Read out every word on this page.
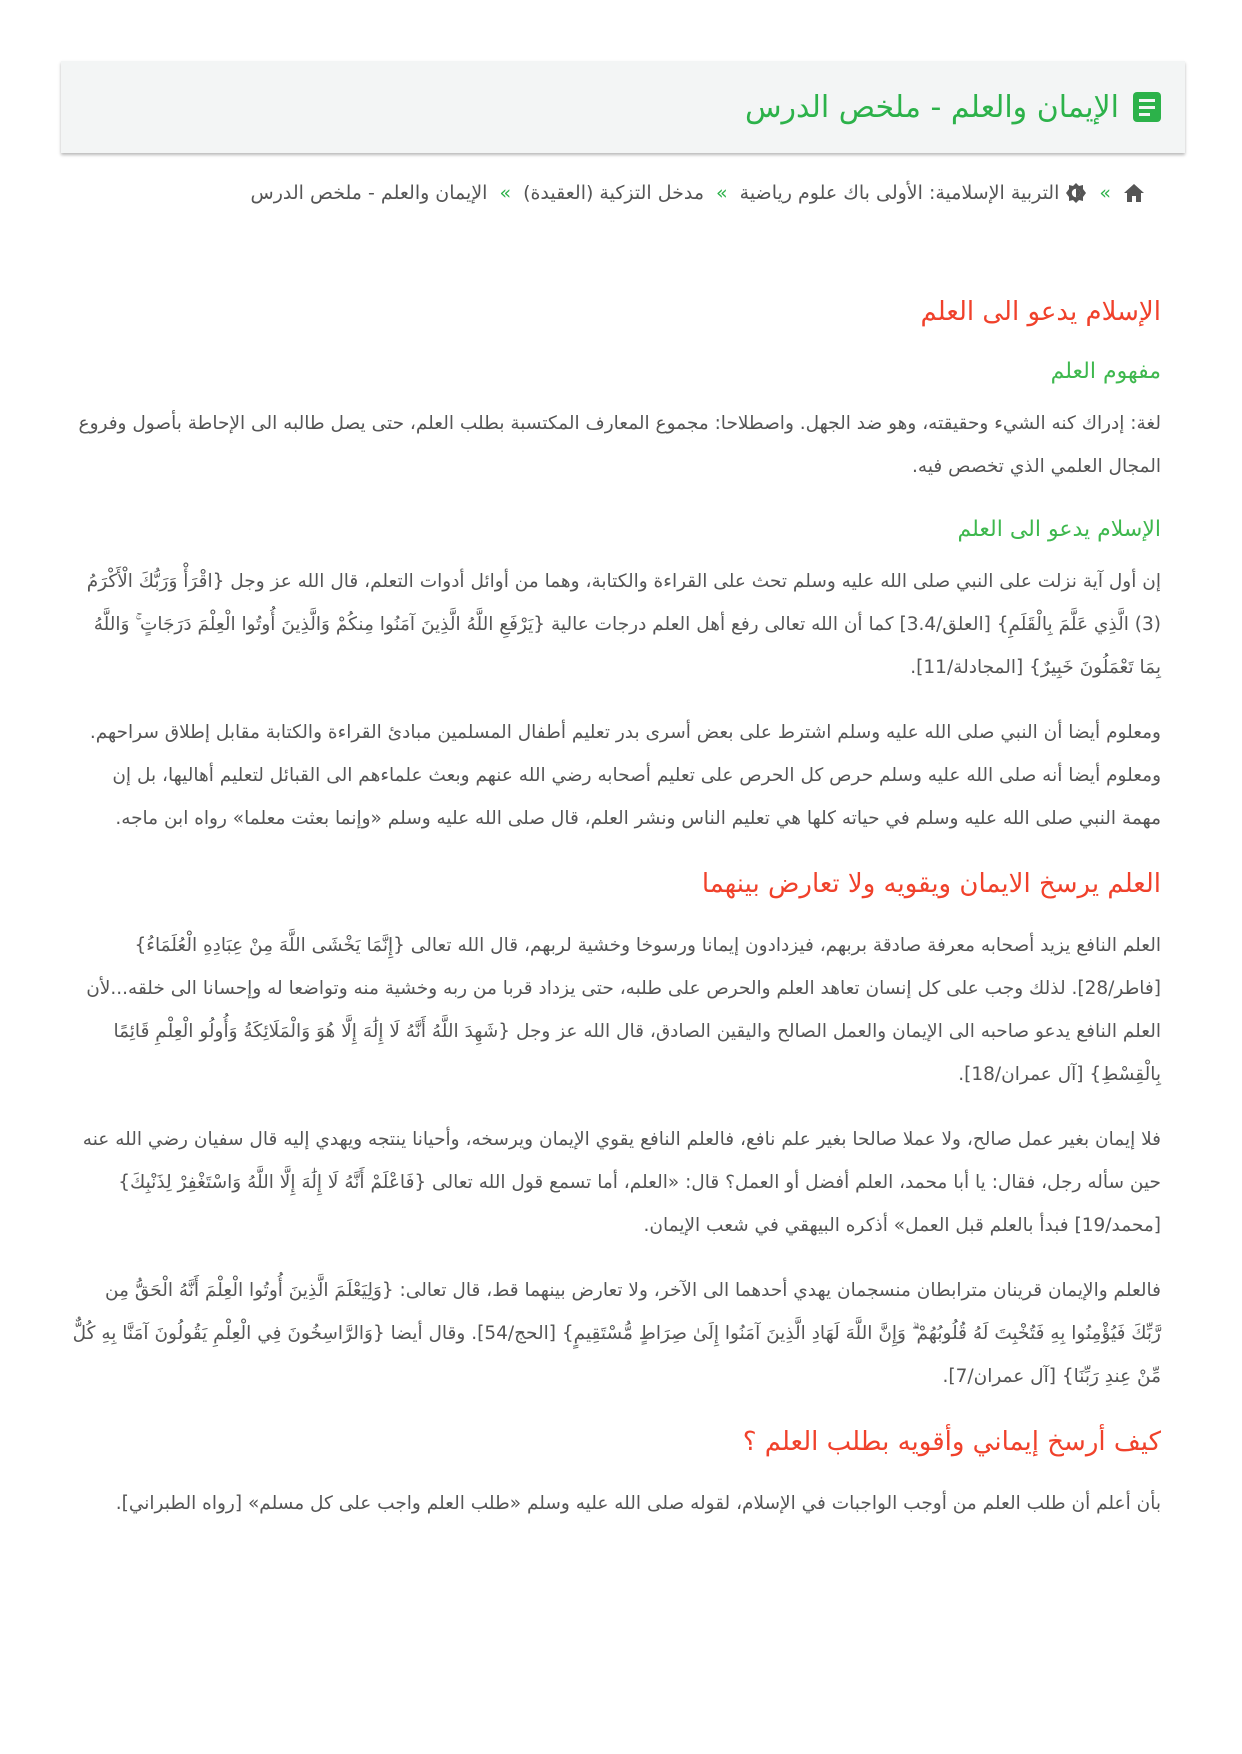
الإيمان والعلم - ملخص الدرس
»
التربية الإسلامية: الأولى باك علوم رياضية
»
مدخل التزكية (العقيدة)
»
الإيمان والعلم - ملخص الدرس
الإسلام يدعو الى العلم
مفهوم العلم

لغة: إدراك كنه الشيء وحقيقته، وهو ضد الجهل. واصطلاحا: مجموع المعارف المكتسبة بطلب العلم، حتى يصل طالبه الى الإحاطة بأصول وفروع المجال العلمي الذي تخصص فيه.

الإسلام يدعو الى العلم

إن أول آية نزلت على النبي صلى الله عليه وسلم تحث على القراءة والكتابة، وهما من أوائل أدوات التعلم، قال الله عز وجل {اقْرَأْ وَرَبُّكَ الْأَكْرَمُ (3) الَّذِي عَلَّمَ بِالْقَلَمِ} [العلق/3.4] كما أن الله تعالى رفع أهل العلم درجات عالية {يَرْفَعِ اللَّهُ الَّذِينَ آمَنُوا مِنكُمْ وَالَّذِينَ أُوتُوا الْعِلْمَ دَرَجَاتٍ ۚ وَاللَّهُ بِمَا تَعْمَلُونَ خَبِيرٌ} [المجادلة/11].

ومعلوم أيضا أن النبي صلى الله عليه وسلم اشترط على بعض أسرى بدر تعليم أطفال المسلمين مبادئ القراءة والكتابة مقابل إطلاق سراحهم. ومعلوم أيضا أنه صلى الله عليه وسلم حرص كل الحرص على تعليم أصحابه رضي الله عنهم وبعث علماءهم الى القبائل لتعليم أهاليها، بل إن مهمة النبي صلى الله عليه وسلم في حياته كلها هي تعليم الناس ونشر العلم، قال صلى الله عليه وسلم «وإنما بعثت معلما» رواه ابن ماجه.

العلم يرسخ الايمان ويقويه ولا تعارض بينهما

العلم النافع يزيد أصحابه معرفة صادقة بربهم، فيزدادون إيمانا ورسوخا وخشية لربهم، قال الله تعالى {إِنَّمَا يَخْشَى اللَّهَ مِنْ عِبَادِهِ الْعُلَمَاءُ} [فاطر/28]. لذلك وجب على كل إنسان تعاهد العلم والحرص على طلبه، حتى يزداد قربا من ربه وخشية منه وتواضعا له وإحسانا الى خلقه...لأن العلم النافع يدعو صاحبه الى الإيمان والعمل الصالح واليقين الصادق، قال الله عز وجل {شَهِدَ اللَّهُ أَنَّهُ لَا إِلَٰهَ إِلَّا هُوَ وَالْمَلَائِكَةُ وَأُولُو الْعِلْمِ قَائِمًا بِالْقِسْطِ} [آل عمران/18].

فلا إيمان بغير عمل صالح، ولا عملا صالحا بغير علم نافع، فالعلم النافع يقوي الإيمان ويرسخه، وأحيانا ينتجه ويهدي إليه قال سفيان رضي الله عنه حين سأله رجل، فقال: يا أبا محمد، العلم أفضل أو العمل؟ قال: «العلم، أما تسمع قول الله تعالى {فَاعْلَمْ أَنَّهُ لَا إِلَٰهَ إِلَّا اللَّهُ وَاسْتَغْفِرْ لِذَنْبِكَ} [محمد/19] فبدأ بالعلم قبل العمل» أذكره البيهقي في شعب الإيمان.

فالعلم والإيمان قرينان مترابطان منسجمان يهدي أحدهما الى الآخر، ولا تعارض بينهما قط، قال تعالى: {وَلِيَعْلَمَ الَّذِينَ أُوتُوا الْعِلْمَ أَنَّهُ الْحَقُّ مِن رَّبِّكَ فَيُؤْمِنُوا بِهِ فَتُخْبِتَ لَهُ قُلُوبُهُمْ ۗ وَإِنَّ اللَّهَ لَهَادِ الَّذِينَ آمَنُوا إِلَىٰ صِرَاطٍ مُّسْتَقِيمٍ} [الحج/54]. وقال أيضا {وَالرَّاسِخُونَ فِي الْعِلْمِ يَقُولُونَ آمَنَّا بِهِ كُلٌّ مِّنْ عِندِ رَبِّنَا} [آل عمران/7].

كيف أرسخ إيماني وأقويه بطلب العلم ؟

بأن أعلم أن طلب العلم من أوجب الواجبات في الإسلام، لقوله صلى الله عليه وسلم «طلب العلم واجب على كل مسلم» [رواه الطبراني].
